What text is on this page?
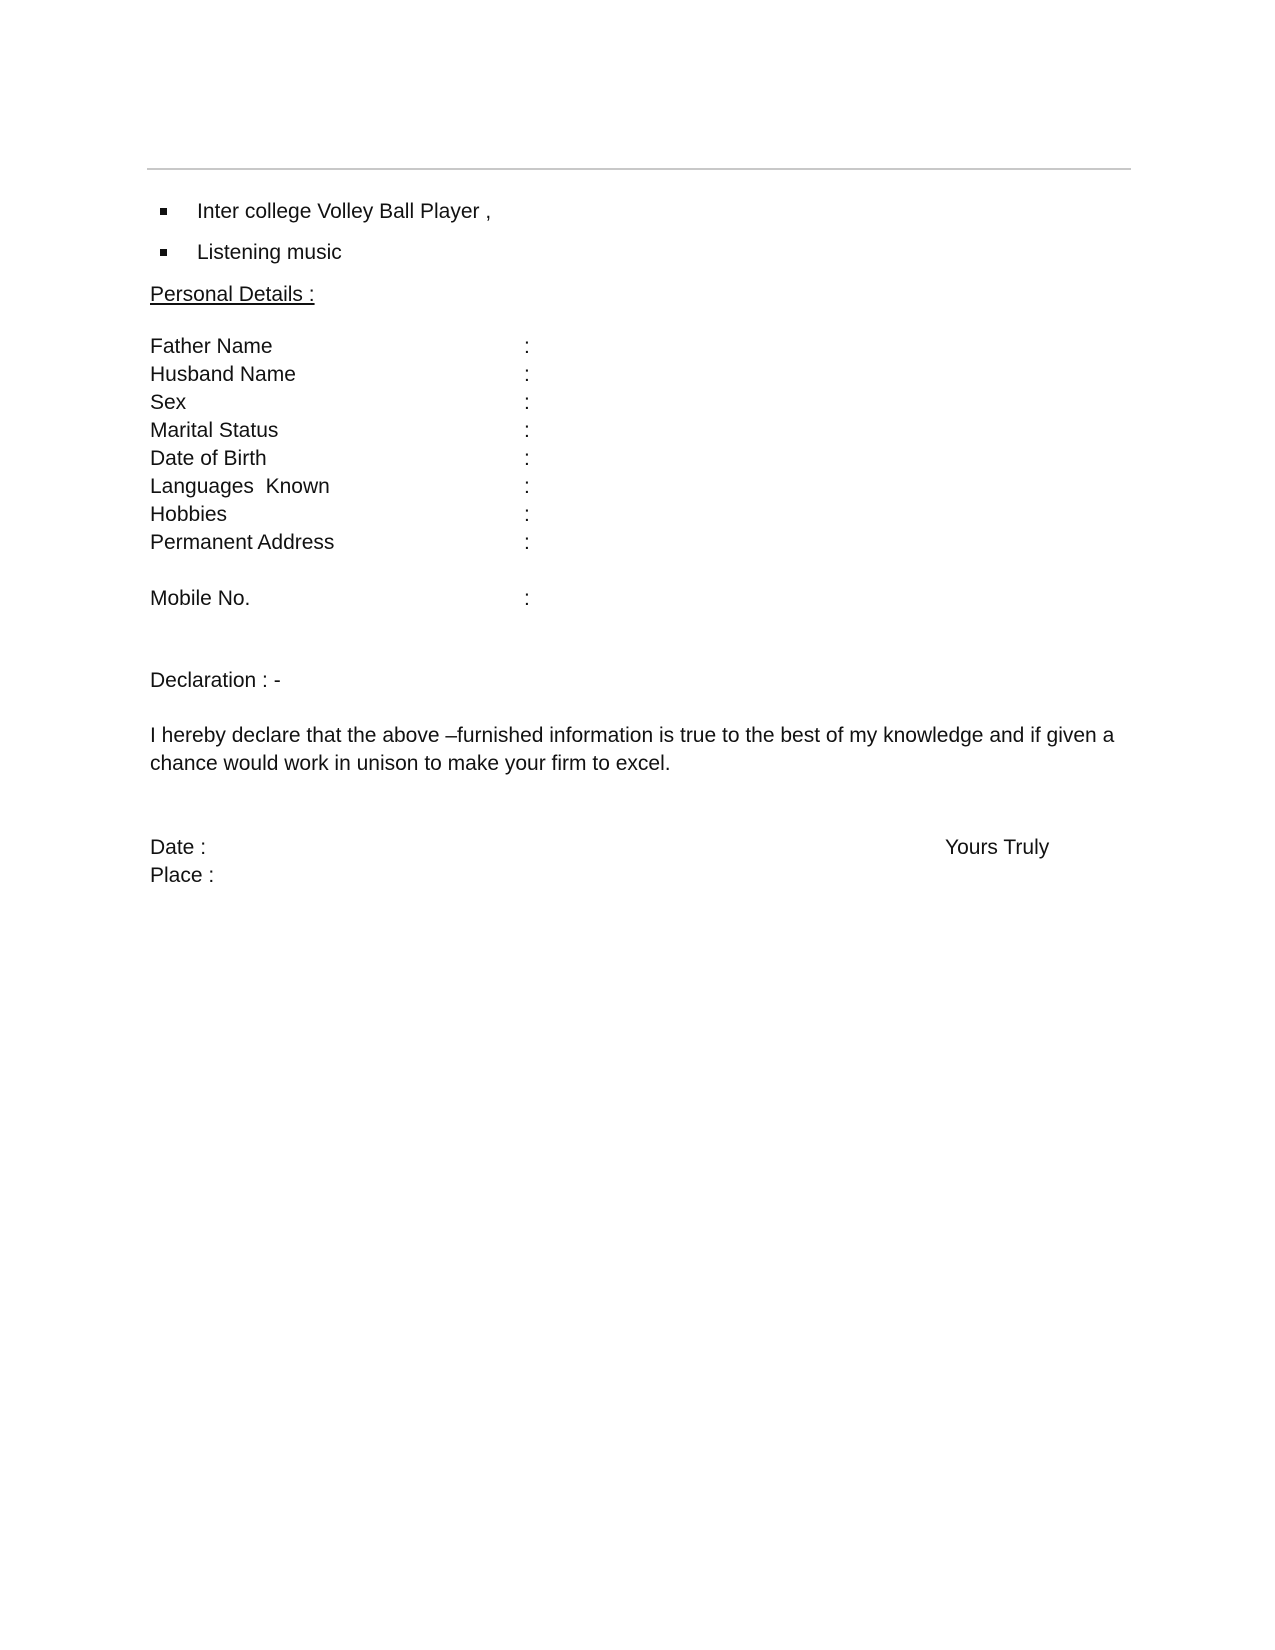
Inter college Volley Ball Player ,
Listening music
Personal Details :
Father Name	:
Husband Name	:
Sex	:
Marital Status	:
Date of Birth	:
Languages  Known	:
Hobbies	:
Permanent Address	:
Mobile No.	:
Declaration : -

I hereby declare that the above –furnished information is true to the best of my knowledge and if given a chance would work in unison to make your firm to excel.

Date :
Place :
Yours Truly
